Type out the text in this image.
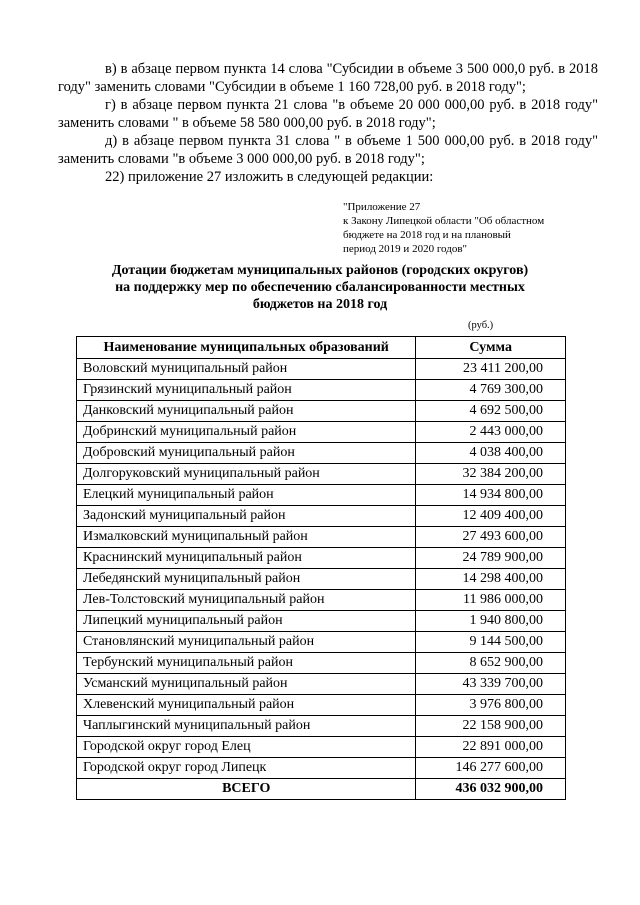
в) в абзаце первом пункта 14 слова "Субсидии в объеме 3 500 000,0 руб. в 2018 году" заменить словами "Субсидии в объеме 1 160 728,00 руб. в 2018 году";

г) в абзаце первом пункта 21 слова "в объеме 20 000 000,00 руб. в 2018 году" заменить словами " в объеме 58 580 000,00 руб. в 2018 году";

д) в абзаце первом пункта 31 слова " в объеме 1 500 000,00 руб. в 2018 году" заменить словами "в объеме 3 000 000,00 руб. в 2018 году";

22) приложение 27 изложить в следующей редакции:

"Приложение 27
к Закону Липецкой области "Об областном
бюджете на 2018 год и на плановый
период 2019 и 2020 годов"
Дотации бюджетам муниципальных районов (городских округов)
на поддержку мер по обеспечению сбалансированности местных
бюджетов на 2018 год
(руб.)
Наименование муниципальных образований	Сумма
Воловский муниципальный район	23 411 200,00
Грязинский муниципальный район	4 769 300,00
Данковский муниципальный район	4 692 500,00
Добринский муниципальный район	2 443 000,00
Добровский муниципальный район	4 038 400,00
Долгоруковский муниципальный район	32 384 200,00
Елецкий муниципальный район	14 934 800,00
Задонский муниципальный район	12 409 400,00
Измалковский муниципальный район	27 493 600,00
Краснинский муниципальный район	24 789 900,00
Лебедянский муниципальный район	14 298 400,00
Лев-Толстовский муниципальный район	11 986 000,00
Липецкий муниципальный район	1 940 800,00
Становлянский муниципальный район	9 144 500,00
Тербунский муниципальный район	8 652 900,00
Усманский муниципальный район	43 339 700,00
Хлевенский муниципальный район	3 976 800,00
Чаплыгинский муниципальный район	22 158 900,00
Городской округ город Елец	22 891 000,00
Городской округ город Липецк	146 277 600,00
ВСЕГО	436 032 900,00
